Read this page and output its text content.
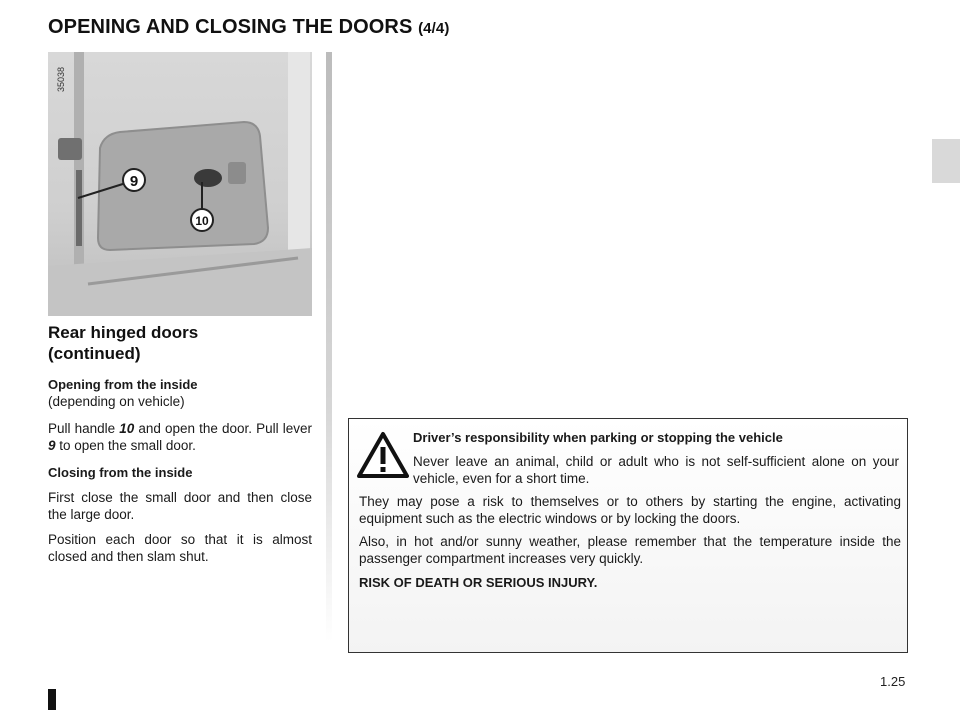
OPENING AND CLOSING THE DOORS (4/4)
35038
9
10
Rear hinged doors
(continued)

Opening from the inside

(depending on vehicle)

Pull handle 10 and open the door. Pull lever 9 to open the small door.

Closing from the inside

First close the small door and then close the large door.

Position each door so that it is almost closed and then slam shut.

Driver’s responsibility when parking or stopping the vehicle

Never leave an animal, child or adult who is not self-sufficient alone on your vehicle, even for a short time.

They may pose a risk to themselves or to others by starting the engine, activating equipment such as the electric windows or by locking the doors.

Also, in hot and/or sunny weather, please remember that the temperature inside the passenger compartment increases very quickly.

RISK OF DEATH OR SERIOUS INJURY.

1.25
